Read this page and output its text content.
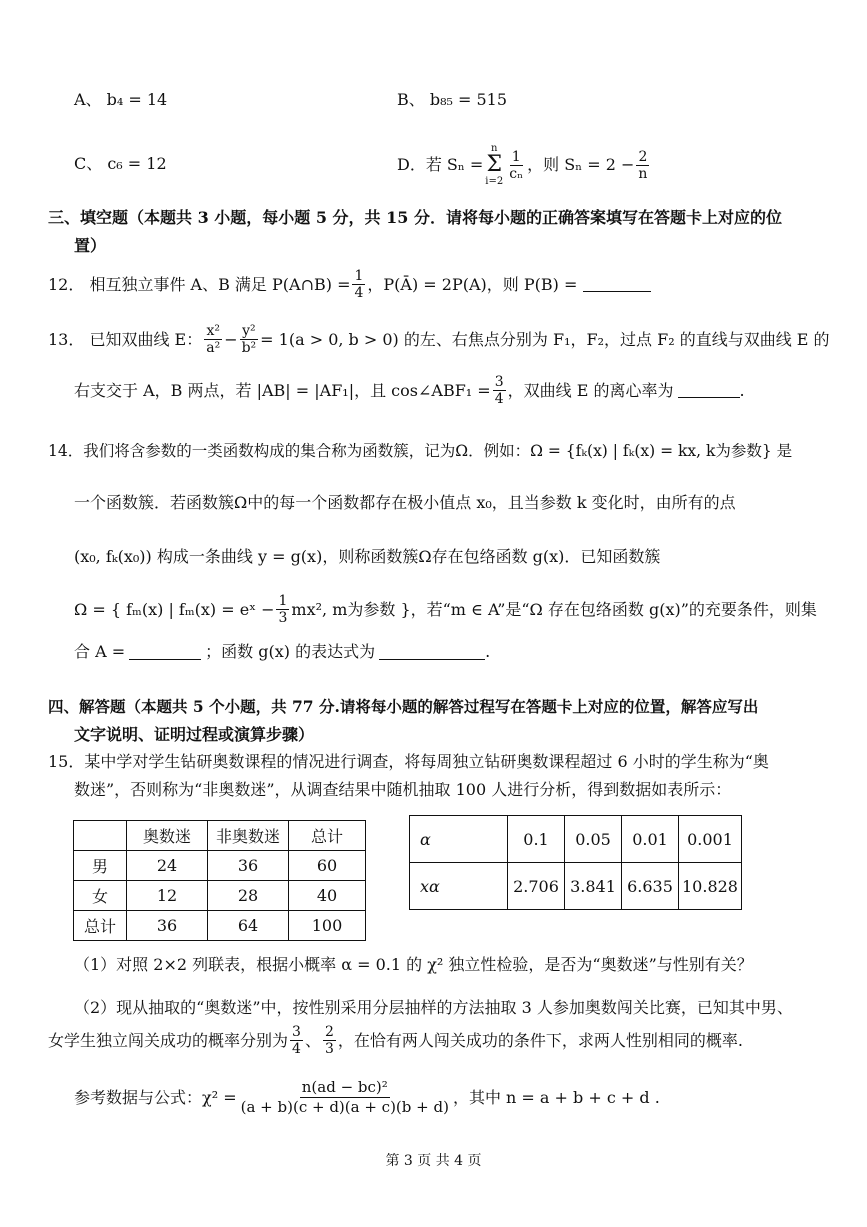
A、 b₄ = 14	B、 b₈₅ = 515
C、 c₆ = 12	D．若 Sₙ =
n
Σ
$i=2 \frac{1}{\text{cₙ}}$ ，则 $S_n = 2 - \frac{2}{n}$
三、填空题（本题共 3 小题，每小题 5 分，共 15 分．请将每小题的正确答案填写在答题卡上对应的位
置）
12． 相互独立事件 A、B 满足 P(A∩B) = $\frac{1}{4}$ ，P(Ā) = 2P(A)，则 P(B) =
13． 已知双曲线 E： $\frac{\text{x²}}{\text{a²}} - \frac{\text{y²}}{\text{b²}} = 1(a > 0$, b > 0) 的左、右焦点分别为 F₁，F₂，过点 F₂ 的直线与双曲线 E 的
右支交于 A，B 两点，若 |AB| = |AF₁|，且 cos∠ABF₁ = $\frac{3}{4}$ ，双曲线 E 的离心率为	.
14．我们将含参数的一类函数构成的集合称为函数簇，记为Ω．例如：Ω = {fₖ(x) | fₖ(x) = kx, k为参数} 是
一个函数簇．若函数簇Ω中的每一个函数都存在极小值点 x₀，且当参数 k 变化时，由所有的点
(x₀, fₖ(x₀)) 构成一条曲线 y = g(x)，则称函数簇Ω存在包络函数 g(x)．已知函数簇
Ω = { fₘ(x) | fₘ(x) = eˣ − $\frac{1}{3} mx^2$, m为参数 }，若“m ∈ A”是“Ω 存在包络函数 g(x)”的充要条件，则集
合 A =	；函数 g(x) 的表达式为	.
四、解答题（本题共 5 个小题，共 77 分.请将每小题的解答过程写在答题卡上对应的位置，解答应写出
文字说明、证明过程或演算步骤）
15．某中学对学生钻研奥数课程的情况进行调查，将每周独立钻研奥数课程超过 6 小时的学生称为“奥
数迷”，否则称为“非奥数迷”，从调查结果中随机抽取 100 人进行分析，得到数据如表所示：
	奥数迷	非奥数迷	总计
男	24	36	60
女	12	28	40
总计	36	64	100
α	0.1	0.05	0.01	0.001
xα	2.706	3.841	6.635	10.828
（1）对照 2×2 列联表，根据小概率 α = 0.1 的 χ² 独立性检验，是否为“奥数迷”与性别有关？
（2）现从抽取的“奥数迷”中，按性别采用分层抽样的方法抽取 3 人参加奥数闯关比赛，已知其中男、
女学生独立闯关成功的概率分别为 $\frac{3}{4}$ 、 $\frac{2}{3}$ ，在恰有两人闯关成功的条件下，求两人性别相同的概率.
参考数据与公式：$\chi^2 = \frac{\text{n(ad − bc)²}}{(a + b)(c + d)(a + c)(b + d)}$ ，其中 n = a + b + c + d .
第 3 页 共 4 页
